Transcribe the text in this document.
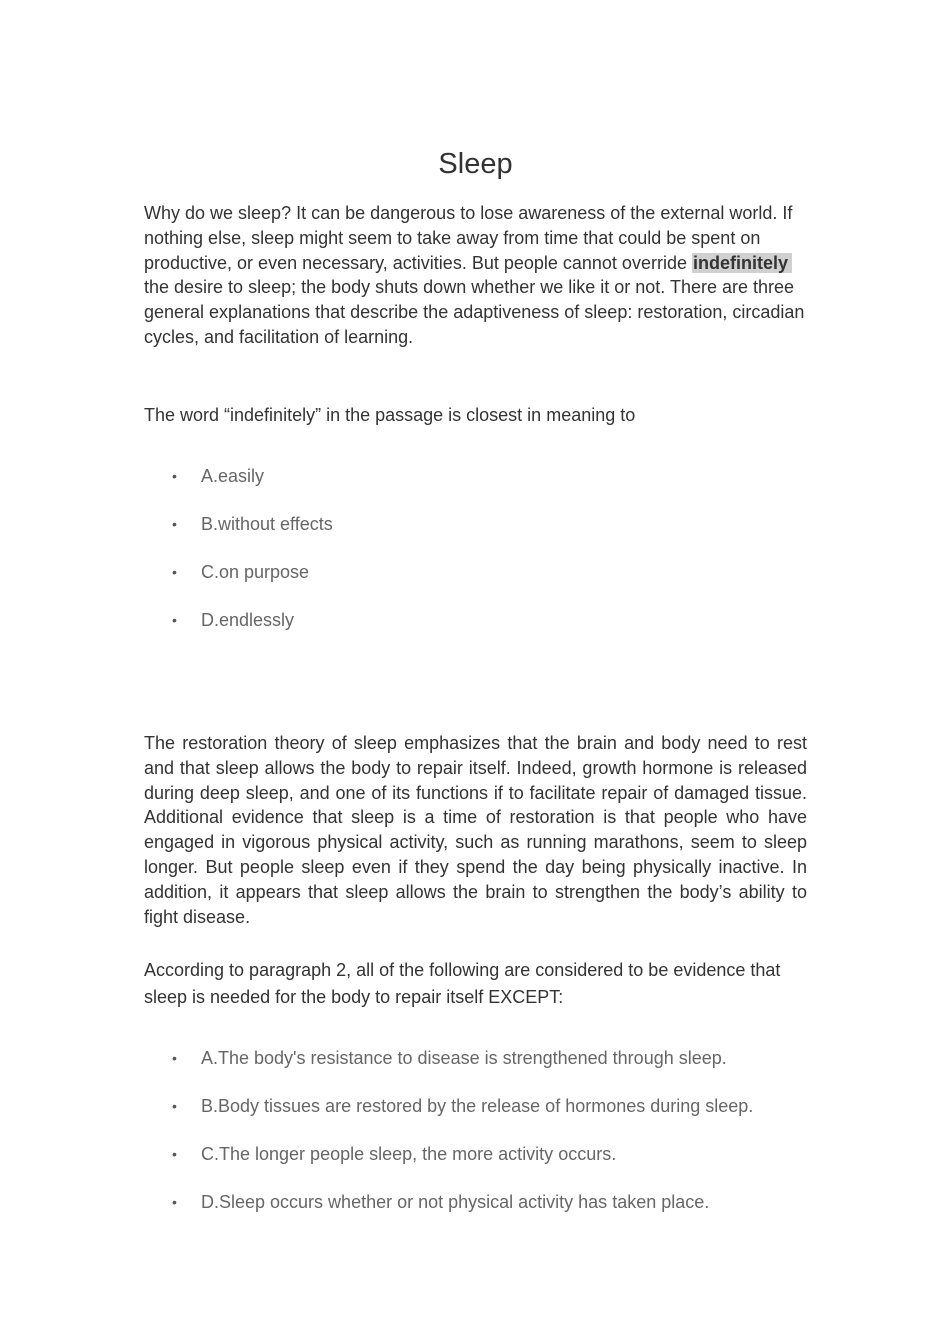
Sleep

Why do we sleep? It can be dangerous to lose awareness of the external world. If nothing else, sleep might seem to take away from time that could be spent on productive, or even necessary, activities. But people cannot override indefinitely the desire to sleep; the body shuts down whether we like it or not. There are three general explanations that describe the adaptiveness of sleep: restoration, circadian cycles, and facilitation of learning.

The word “indefinitely” in the passage is closest in meaning to

• A.easily
• B.without effects
• C.on purpose
• D.endlessly

The restoration theory of sleep emphasizes that the brain and body need to rest and that sleep allows the body to repair itself. Indeed, growth hormone is released during deep sleep, and one of its functions if to facilitate repair of damaged tissue. Additional evidence that sleep is a time of restoration is that people who have engaged in vigorous physical activity, such as running marathons, seem to sleep longer. But people sleep even if they spend the day being physically inactive. In addition, it appears that sleep allows the brain to strengthen the body’s ability to fight disease.

According to paragraph 2, all of the following are considered to be evidence that sleep is needed for the body to repair itself EXCEPT:

• A.The body's resistance to disease is strengthened through sleep.
• B.Body tissues are restored by the release of hormones during sleep.
• C.The longer people sleep, the more activity occurs.
• D.Sleep occurs whether or not physical activity has taken place.
